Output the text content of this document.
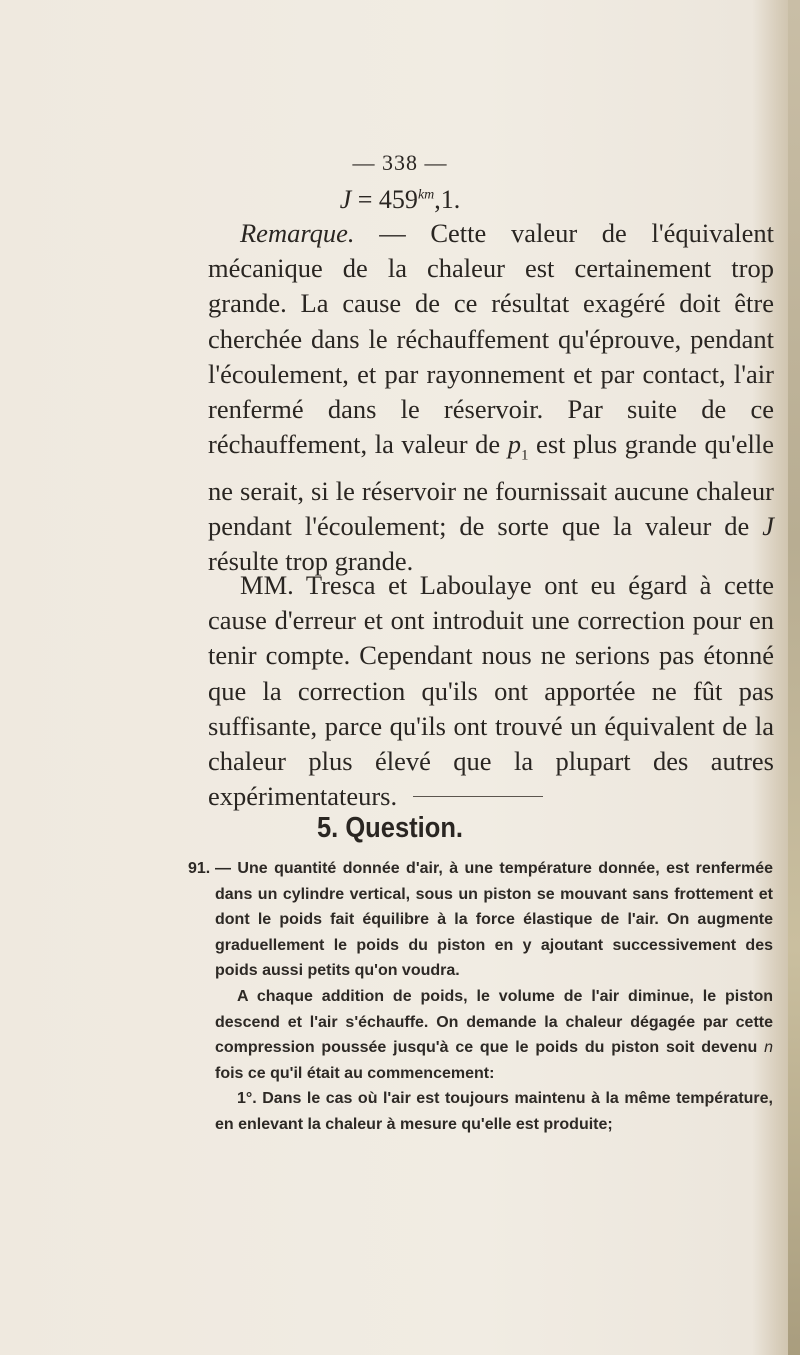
— 338 —
$J = 459^{km},1$.

Remarque. — Cette valeur de l'équivalent mécanique de la chaleur est certainement trop grande. La cause de ce résultat exagéré doit être cherchée dans le réchauffement qu'éprouve, pendant l'écoulement, et par rayonnement et par contact, l'air renfermé dans le réservoir. Par suite de ce réchauffement, la valeur de $p_1$ est plus grande qu'elle ne serait, si le réservoir ne fournissait aucune chaleur pendant l'écoulement; de sorte que la valeur de J résulte trop grande.

MM. Tresca et Laboulaye ont eu égard à cette cause d'erreur et ont introduit une correction pour en tenir compte. Cependant nous ne serions pas étonné que la correction qu'ils ont apportée ne fût pas suffisante, parce qu'ils ont trouvé un équivalent de la chaleur plus élevé que la plupart des autres expérimentateurs.

5. Question.

91. — Une quantité donnée d'air, à une température donnée, est renfermée dans un cylindre vertical, sous un piston se mouvant sans frottement et dont le poids fait équilibre à la force élastique de l'air. On augmente graduellement le poids du piston en y ajoutant successivement des poids aussi petits qu'on voudra.

A chaque addition de poids, le volume de l'air diminue, le piston descend et l'air s'échauffe. On demande la chaleur dégagée par cette compression poussée jusqu'à ce que le poids du piston soit devenu n fois ce qu'il était au commencement:

1°. Dans le cas où l'air est toujours maintenu à la même température, en enlevant la chaleur à mesure qu'elle est produite;
